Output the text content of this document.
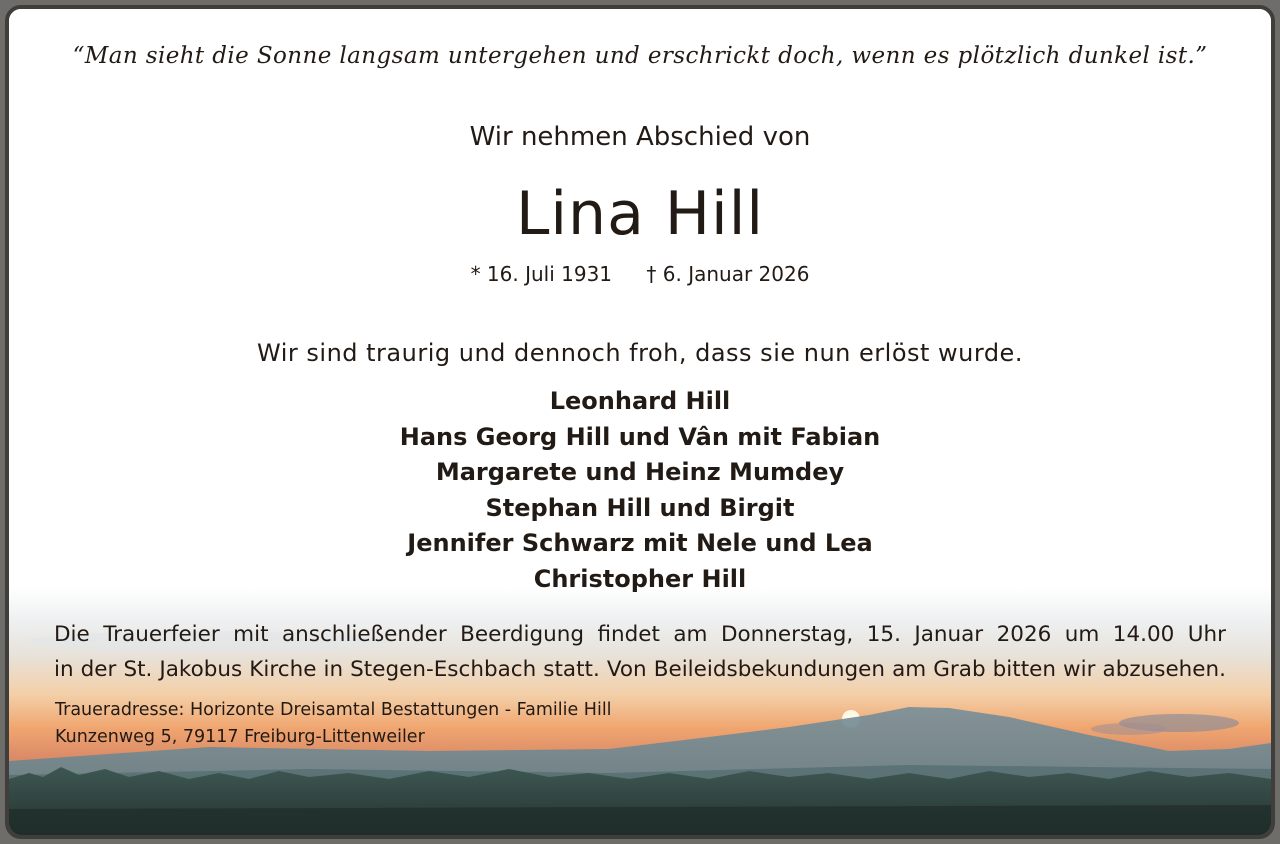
“Man sieht die Sonne langsam untergehen und erschrickt doch, wenn es plötzlich dunkel ist.”
Wir nehmen Abschied von
Lina Hill
* 16. Juli 1931 † 6. Januar 2026
Wir sind traurig und dennoch froh, dass sie nun erlöst wurde.
Leonhard Hill
Hans Georg Hill und Vân mit Fabian
Margarete und Heinz Mumdey
Stephan Hill und Birgit
Jennifer Schwarz mit Nele und Lea
Christopher Hill
Die Trauerfeier mit anschließender Beerdigung findet am Donnerstag, 15. Januar 2026 um 14.00 Uhr
in der St. Jakobus Kirche in Stegen-Eschbach statt. Von Beileidsbekundungen am Grab bitten wir abzusehen.
Traueradresse: Horizonte Dreisamtal Bestattungen - Familie Hill
Kunzenweg 5, 79117 Freiburg-Littenweiler
